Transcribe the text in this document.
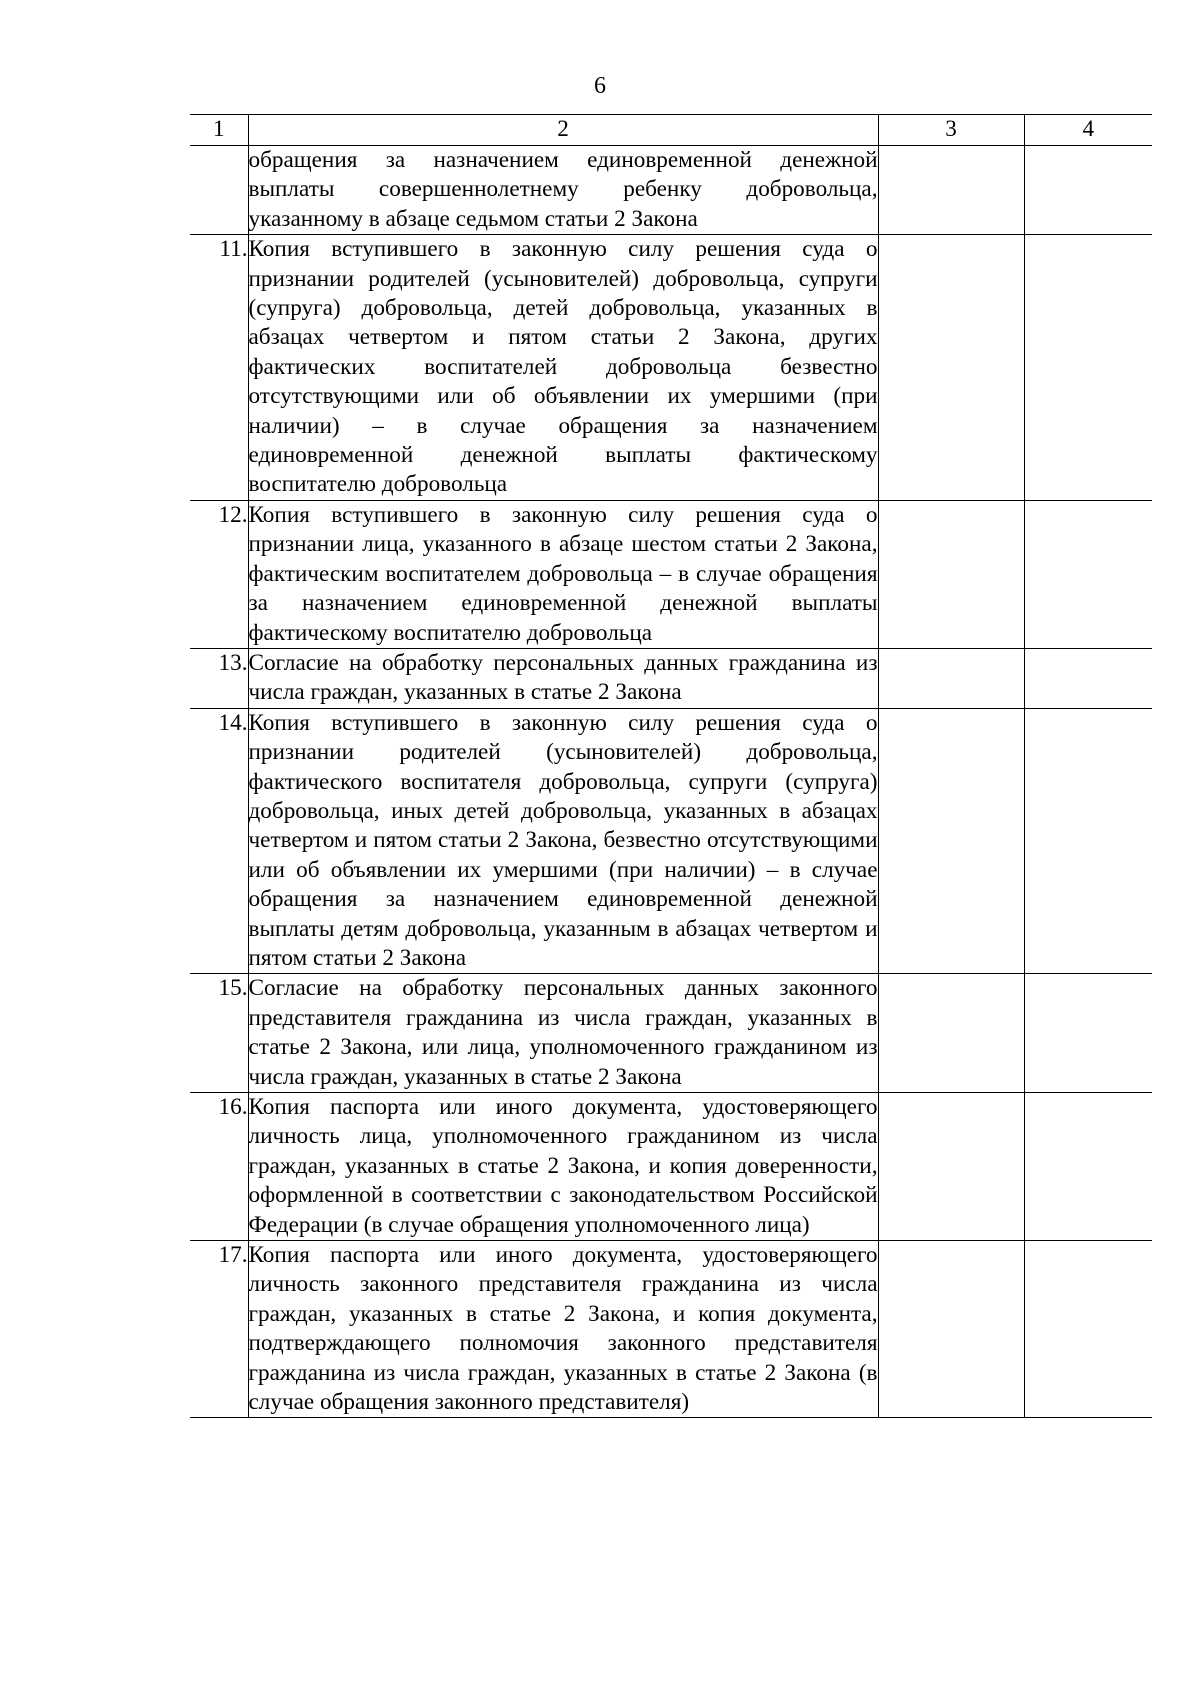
6
1	2	3	4
	обращения за назначением единовременной денежной выплаты совершеннолетнему ребенку добровольца, указанному в абзаце седьмом статьи 2 Закона		
11.	Копия вступившего в законную силу решения суда о признании родителей (усыновителей) добровольца, супруги (супруга) добровольца, детей добровольца, указанных в абзацах четвертом и пятом статьи 2 Закона, других фактических воспитателей добровольца безвестно отсутствующими или об объявлении их умершими (при наличии) – в случае обращения за назначением единовременной денежной выплаты фактическому воспитателю добровольца		
12.	Копия вступившего в законную силу решения суда о признании лица, указанного в абзаце шестом статьи 2 Закона, фактическим воспитателем добровольца – в случае обращения за назначением единовременной денежной выплаты фактическому воспитателю добровольца		
13.	Согласие на обработку персональных данных гражданина из числа граждан, указанных в статье 2 Закона		
14.	Копия вступившего в законную силу решения суда о признании родителей (усыновителей) добровольца, фактического воспитателя добровольца, супруги (супруга) добровольца, иных детей добровольца, указанных в абзацах четвертом и пятом статьи 2 Закона, безвестно отсутствующими или об объявлении их умершими (при наличии) – в случае обращения за назначением единовременной денежной выплаты детям добровольца, указанным в абзацах четвертом и пятом статьи 2 Закона		
15.	Согласие на обработку персональных данных законного представителя гражданина из числа граждан, указанных в статье 2 Закона, или лица, уполномоченного гражданином из числа граждан, указанных в статье 2 Закона		
16.	Копия паспорта или иного документа, удостоверяющего личность лица, уполномоченного гражданином из числа граждан, указанных в статье 2 Закона, и копия доверенности, оформленной в соответствии с законодательством Российской Федерации (в случае обращения уполномоченного лица)		
17.	Копия паспорта или иного документа, удостоверяющего личность законного представителя гражданина из числа граждан, указанных в статье 2 Закона, и копия документа, подтверждающего полномочия законного представителя гражданина из числа граждан, указанных в статье 2 Закона (в случае обращения законного представителя)		
